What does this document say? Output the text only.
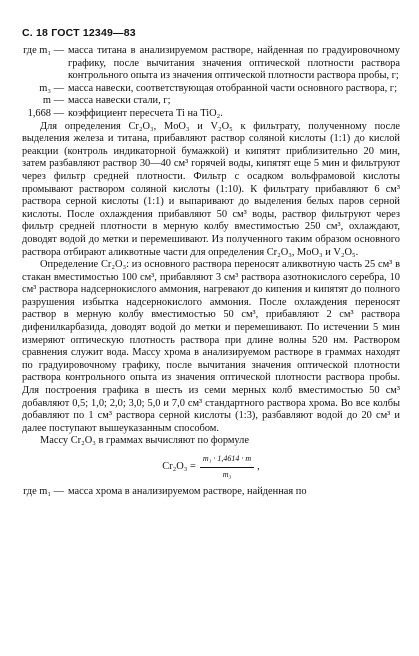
С. 18 ГОСТ 12349—83
где m₁ — масса титана в анализируемом растворе, найденная по градуировочному графику, после вычитания значения оптической плотности раствора контрольного опыта из значения оптической плотности раствора пробы, г;
m₃ — масса навески, соответствующая отобранной части основного раствора, г;
m — масса навески стали, г;
1,668 — коэффициент пересчета Ti на TiO₂.

Для определения Cr₂O₃, MoO₃ и V₂O₅ к фильтрату, полученному после выделения железа и титана, прибавляют раствор соляной кислоты (1:1) до кислой реакции (контроль индикаторной бумажкой) и кипятят приблизительно 20 мин, затем разбавляют раствор 30—40 см³ горячей воды, кипятят еще 5 мин и фильтруют через фильтр средней плотности. Фильтр с осадком вольфрамовой кислоты промывают раствором соляной кислоты (1:10). К фильтрату прибавляют 6 см³ раствора серной кислоты (1:1) и выпаривают до выделения белых паров серной кислоты. После охлаждения прибавляют 50 см³ воды, раствор фильтруют через фильтр средней плотности в мерную колбу вместимостью 250 см³, охлаждают, доводят водой до метки и перемешивают. Из полученного таким образом основного раствора отбирают аликвотные части для определения Cr₂O₃, MoO₃ и V₂O₅.

Определение Cr₂O₃: из основного раствора переносят аликвотную часть 25 см³ в стакан вместимостью 100 см³, прибавляют 3 см³ раствора азотнокислого серебра, 10 см³ раствора надсернокислого аммония, нагревают до кипения и кипятят до полного разрушения избытка надсернокислого аммония. После охлаждения переносят раствор в мерную колбу вместимостью 50 см³, прибавляют 2 см³ раствора дифенилкарбазида, доводят водой до метки и перемешивают. По истечении 5 мин измеряют оптическую плотность раствора при длине волны 520 нм. Раствором сравнения служит вода. Массу хрома в анализируемом растворе в граммах находят по градуировочному графику, после вычитания значения оптической плотности раствора контрольного опыта из значения оптической плотности раствора пробы. Для построения графика в шесть из семи мерных колб вместимостью 50 см³ добавляют 0,5; 1,0; 2,0; 3,0; 5,0 и 7,0 см³ стандартного раствора хрома. Во все колбы добавляют по 1 см³ раствора серной кислоты (1:3), разбавляют водой до 20 см³ и далее поступают вышеуказанным способом.

Массу Cr₂O₃ в граммах вычисляют по формуле

$Cr_2O_3 = \frac{\text{m₁ · 1,4614 · m}}{\text{m₃}}$ ,
где m₁ — масса хрома в анализируемом растворе, найденная по
